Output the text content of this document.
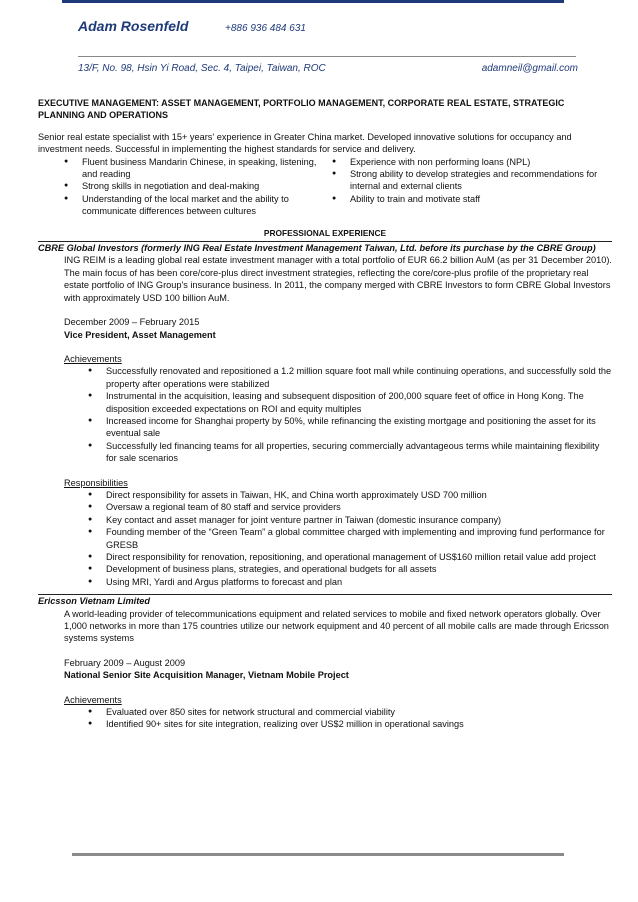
Adam Rosenfeld	+886 936 484 631
13/F, No. 98, Hsin Yi Road, Sec. 4, Taipei, Taiwan, ROC	adamneil@gmail.com
EXECUTIVE MANAGEMENT: ASSET MANAGEMENT, PORTFOLIO MANAGEMENT, CORPORATE REAL ESTATE, STRATEGIC PLANNING AND OPERATIONS
Senior real estate specialist with 15+ years' experience in Greater China market. Developed innovative solutions for occupancy and investment needs. Successful in implementing the highest standards for service and delivery.
● Fluent business Mandarin Chinese, in speaking, listening, and reading
● Strong skills in negotiation and deal-making
● Understanding of the local market and the ability to communicate differences between cultures
● Experience with non performing loans (NPL)
● Strong ability to develop strategies and recommendations for internal and external clients
● Ability to train and motivate staff
PROFESSIONAL EXPERIENCE
CBRE Global Investors (formerly ING Real Estate Investment Management Taiwan, Ltd. before its purchase by the CBRE Group)
ING REIM is a leading global real estate investment manager with a total portfolio of EUR 66.2 billion AuM (as per 31 December 2010). The main focus of has been core/core-plus direct investment strategies, reflecting the core/core-plus profile of the proprietary real estate portfolio of ING Group's insurance business. In 2011, the company merged with CBRE Investors to form CBRE Global Investors with approximately USD 100 billion AuM.
December 2009 – February 2015
Vice President, Asset Management
Achievements
● Successfully renovated and repositioned a 1.2 million square foot mall while continuing operations, and successfully sold the property after operations were stabilized
● Instrumental in the acquisition, leasing and subsequent disposition of 200,000 square feet of office in Hong Kong. The disposition exceeded expectations on ROI and equity multiples
● Increased income for Shanghai property by 50%, while refinancing the existing mortgage and positioning the asset for its eventual sale
● Successfully led financing teams for all properties, securing commercially advantageous terms while maintaining flexibility for sale scenarios
Responsibilities
● Direct responsibility for assets in Taiwan, HK, and China worth approximately USD 700 million
● Oversaw a regional team of 80 staff and service providers
● Key contact and asset manager for joint venture partner in Taiwan (domestic insurance company)
● Founding member of the “Green Team” a global committee charged with implementing and improving fund performance for GRESB
● Direct responsibility for renovation, repositioning, and operational management of US$160 million retail value add project
● Development of business plans, strategies, and operational budgets for all assets
● Using MRI, Yardi and Argus platforms to forecast and plan
Ericsson Vietnam Limited
A world-leading provider of telecommunications equipment and related services to mobile and fixed network operators globally. Over 1,000 networks in more than 175 countries utilize our network equipment and 40 percent of all mobile calls are made through Ericsson systems systems
February 2009 – August 2009
National Senior Site Acquisition Manager, Vietnam Mobile Project
Achievements
● Evaluated over 850 sites for network structural and commercial viability
● Identified 90+ sites for site integration, realizing over US$2 million in operational savings
